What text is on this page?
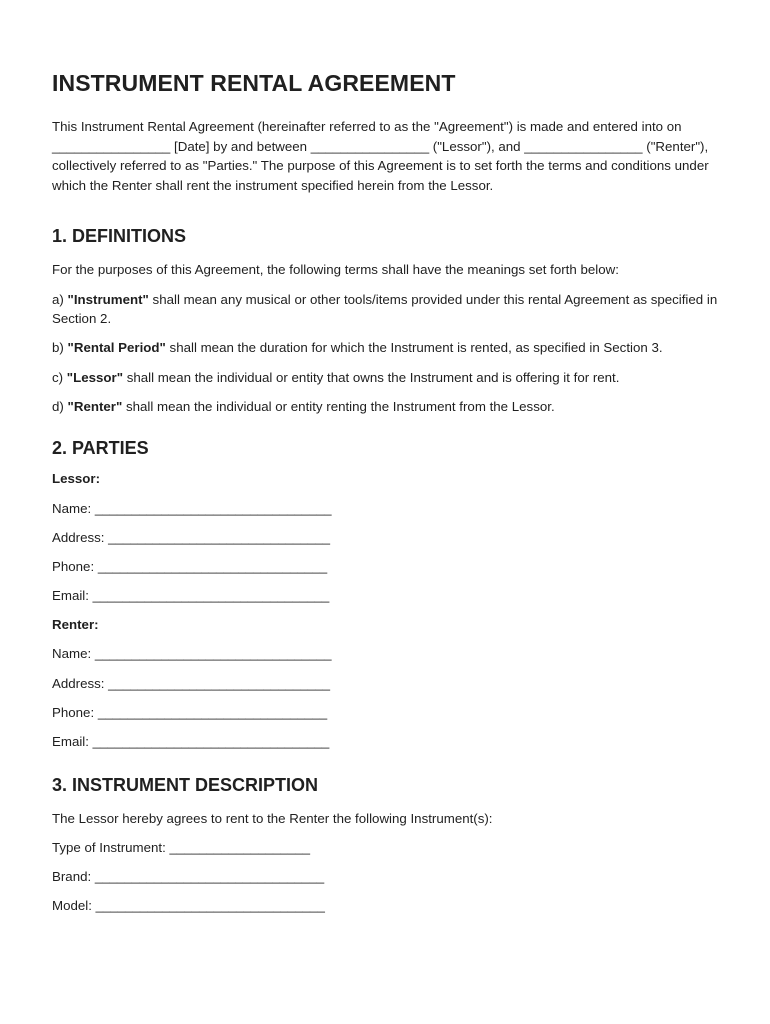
INSTRUMENT RENTAL AGREEMENT

This Instrument Rental Agreement (hereinafter referred to as the "Agreement") is made and entered into on ________________ [Date] by and between ________________ ("Lessor"), and ________________ ("Renter"), collectively referred to as "Parties." The purpose of this Agreement is to set forth the terms and conditions under which the Renter shall rent the instrument specified herein from the Lessor.

1. DEFINITIONS

For the purposes of this Agreement, the following terms shall have the meanings set forth below:

a) "Instrument" shall mean any musical or other tools/items provided under this rental Agreement as specified in Section 2.

b) "Rental Period" shall mean the duration for which the Instrument is rented, as specified in Section 3.

c) "Lessor" shall mean the individual or entity that owns the Instrument and is offering it for rent.

d) "Renter" shall mean the individual or entity renting the Instrument from the Lessor.

2. PARTIES

Lessor:

Name: ________________________________

Address: ______________________________

Phone: _______________________________

Email: ________________________________

Renter:

Name: ________________________________

Address: ______________________________

Phone: _______________________________

Email: ________________________________

3. INSTRUMENT DESCRIPTION

The Lessor hereby agrees to rent to the Renter the following Instrument(s):

Type of Instrument: ___________________

Brand: _______________________________

Model: _______________________________
